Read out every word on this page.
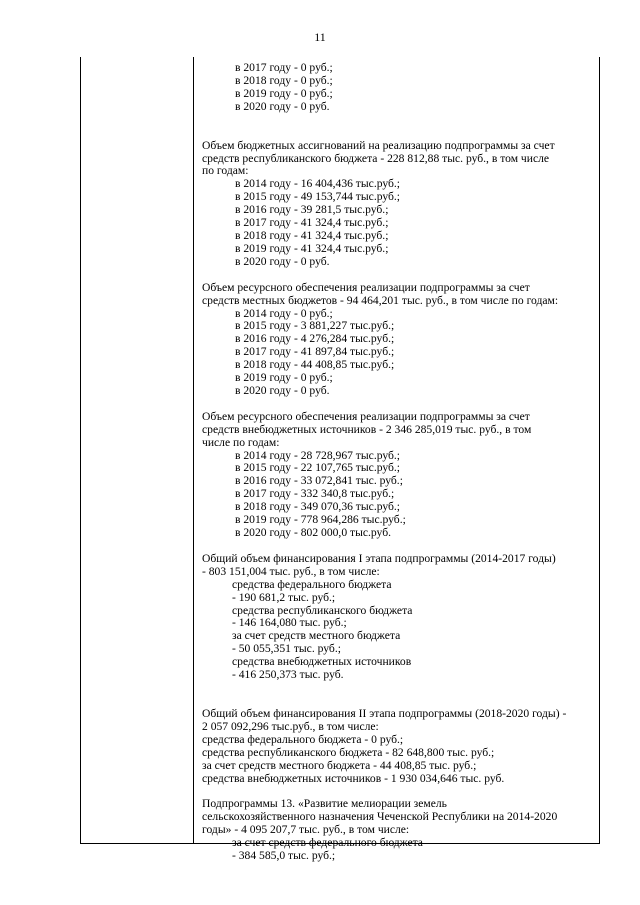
11
в 2017 году - 0 руб.;
в 2018 году - 0 руб.;
в 2019 году - 0 руб.;
в 2020 году - 0 руб.
Объем бюджетных ассигнований на реализацию подпрограммы за счет
средств республиканского бюджета - 228 812,88 тыс. руб., в том числе
по годам:
в 2014 году - 16 404,436 тыс.руб.;
в 2015 году - 49 153,744 тыс.руб.;
в 2016 году - 39 281,5 тыс.руб.;
в 2017 году - 41 324,4 тыс.руб.;
в 2018 году - 41 324,4 тыс.руб.;
в 2019 году - 41 324,4 тыс.руб.;
в 2020 году - 0 руб.
Объем ресурсного обеспечения реализации подпрограммы за счет
средств местных бюджетов - 94 464,201 тыс. руб., в том числе по годам:
в 2014 году - 0 руб.;
в 2015 году - 3 881,227 тыс.руб.;
в 2016 году - 4 276,284 тыс.руб.;
в 2017 году - 41 897,84 тыс.руб.;
в 2018 году - 44 408,85 тыс.руб.;
в 2019 году - 0 руб.;
в 2020 году - 0 руб.
Объем ресурсного обеспечения реализации подпрограммы за счет
средств внебюджетных источников - 2 346 285,019 тыс. руб., в том
числе по годам:
в 2014 году - 28 728,967 тыс.руб.;
в 2015 году - 22 107,765 тыс.руб.;
в 2016 году - 33 072,841 тыс. руб.;
в 2017 году - 332 340,8 тыс.руб.;
в 2018 году - 349 070,36 тыс.руб.;
в 2019 году - 778 964,286 тыс.руб.;
в 2020 году - 802 000,0 тыс.руб.
Общий объем финансирования I этапа подпрограммы (2014-2017 годы)
- 803 151,004 тыс. руб., в том числе:
средства федерального бюджета
- 190 681,2 тыс. руб.;
средства республиканского бюджета
- 146 164,080 тыс. руб.;
за счет средств местного бюджета
- 50 055,351 тыс. руб.;
средства внебюджетных источников
- 416 250,373 тыс. руб.
Общий объем финансирования II этапа подпрограммы (2018-2020 годы) -
2 057 092,296 тыс.руб., в том числе:
средства федерального бюджета - 0 руб.;
средства республиканского бюджета - 82 648,800 тыс. руб.;
за счет средств местного бюджета - 44 408,85 тыс. руб.;
средства внебюджетных источников - 1 930 034,646 тыс. руб.
Подпрограммы 13. «Развитие мелиорации земель
сельскохозяйственного назначения Чеченской Республики на 2014-2020
годы» - 4 095 207,7 тыс. руб., в том числе:
за счет средств федерального бюджета
- 384 585,0 тыс. руб.;
